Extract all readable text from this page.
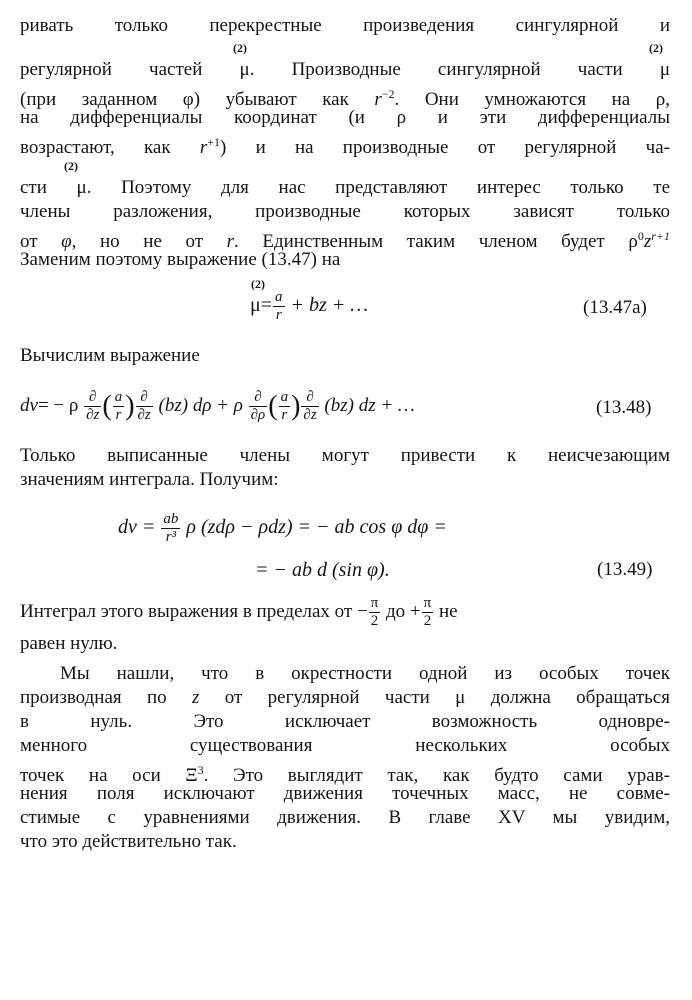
ривать только перекрестные произведения сингулярной и
(2)	(2)
регулярной частей μ. Производные сингулярной части μ
(при заданном φ) убывают как $r^{-2}$. Они умножаются на ρ,
на дифференциалы координат (и ρ и эти дифференциалы
возрастают, как $r^{+1}$) и на производные от регулярной ча-
(2)
сти μ. Поэтому для нас представляют интерес только те
члены разложения, производные которых зависят только
от φ, но не от r. Единственным таким членом будет $\rho^0z^{r+1}$
Заменим поэтому выражение (13.47) на
(2)
$\mu= \frac{a}{r}$ + bz + …	(13.47a)
Вычислим выражение
dν= − ρ $\frac{\partial}{\partial z}$ ( $\frac{a}{r}$ ) $\frac{\partial}{\partial z} (bz) d\rho + \rho \frac{\partial}{\partial\rho}$ ( $\frac{a}{r}$ ) $\frac{\partial}{\partial z} (bz)$ dz + …	(13.48)
Только выписанные члены могут привести к неисчезающим
значениям интеграла. Получим:
$d\nu = \frac{ab}{\text{r³}}$ ρ (zdρ − ρdz) = − ab cos φ dφ =
= − ab d (sin φ).	(13.49)
Интеграл этого выражения в пределах от − $\frac{\pi}{2}$ до + $\frac{\pi}{2}$ не
равен нулю.
Мы нашли, что в окрестности одной из особых точек
производная по z от регулярной части μ должна обращаться
в нуль. Это исключает возможность одновре-
менного существования нескольких особых
точек на оси $\Xi^3$. Это выглядит так, как будто сами урав-
нения поля исключают движения точечных масс, не совме-
стимые с уравнениями движения. В главе XV мы увидим,
что это действительно так.
